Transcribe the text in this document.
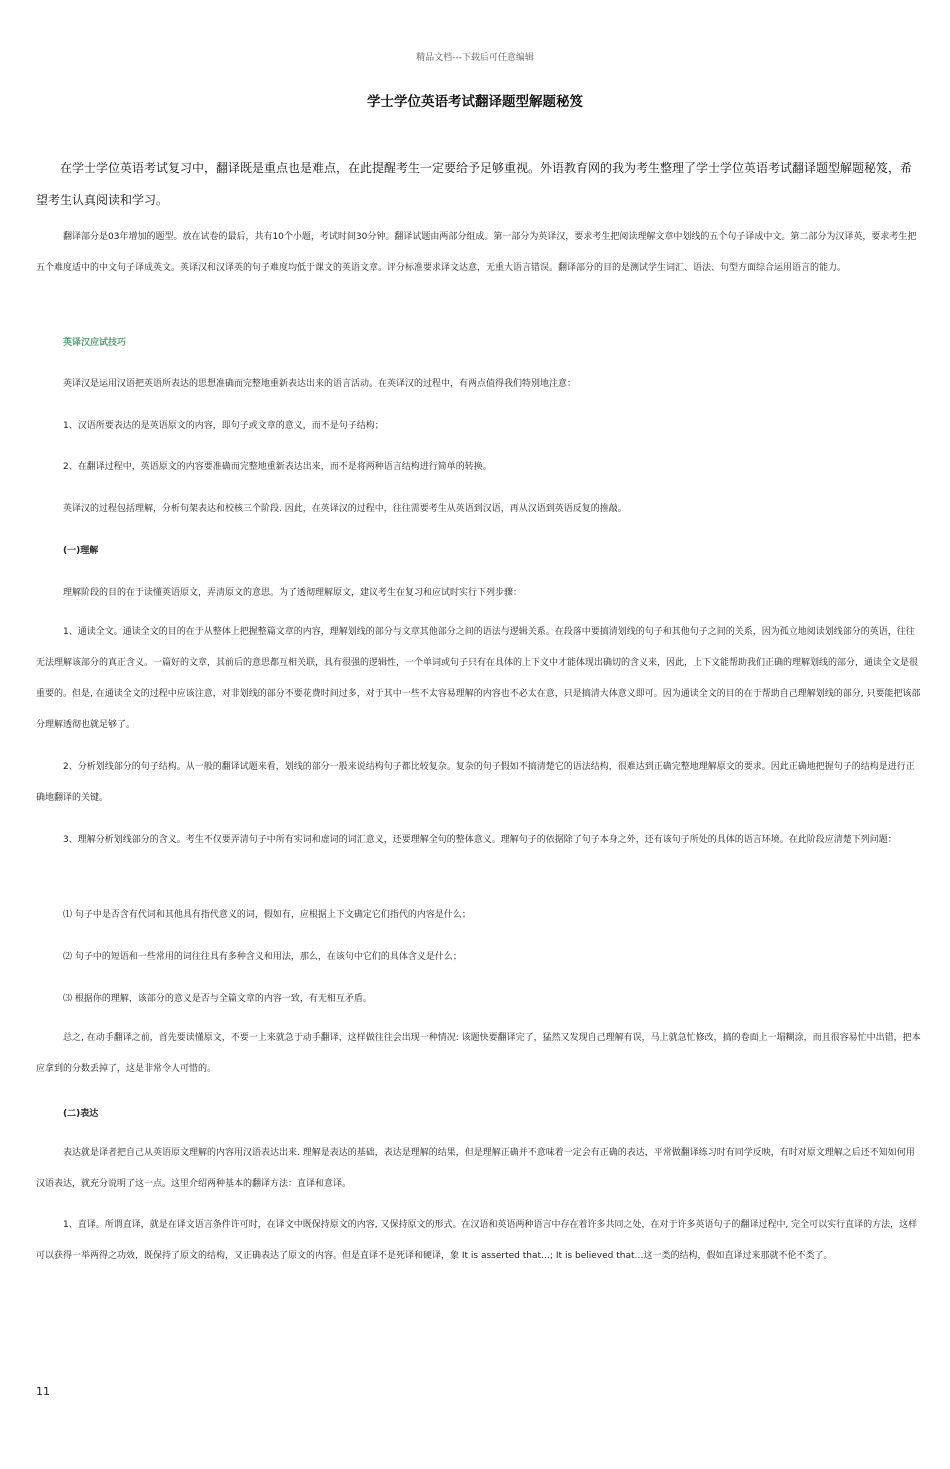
精品文档---下载后可任意编辑
学士学位英语考试翻译题型解题秘笈

在学士学位英语考试复习中，翻译既是重点也是难点，在此提醒考生一定要给予足够重视。外语教育网的我为考生整理了学士学位英语考试翻译题型解题秘笈，希望考生认真阅读和学习。

翻译部分是03年增加的题型。放在试卷的最后，共有10个小题，考试时间30分钟。翻译试题由两部分组成。第一部分为英译汉，要求考生把阅读理解文章中划线的五个句子译成中文。第二部分为汉译英，要求考生把五个难度适中的中文句子译成英文。英译汉和汉译英的句子难度均低于课文的英语文章。评分标准要求译文达意，无重大语言错误。翻译部分的目的是测试学生词汇、语法、句型方面综合运用语言的能力。

英译汉应试技巧

英译汉是运用汉语把英语所表达的思想准确而完整地重新表达出来的语言活动。在英译汉的过程中，有两点值得我们特别地注意：

1、汉语所要表达的是英语原文的内容，即句子或文章的意义，而不是句子结构；

2、在翻译过程中，英语原文的内容要准确而完整地重新表达出来，而不是将两种语言结构进行简单的转换。

英译汉的过程包括理解，分析句架表达和校核三个阶段. 因此，在英译汉的过程中，往往需要考生从英语到汉语，再从汉语到英语反复的推敲。

(一)理解

理解阶段的目的在于读懂英语原文，弄清原文的意思。为了透彻理解原文，建议考生在复习和应试时实行下列步骤：

1、通读全文。通读全文的目的在于从整体上把握整篇文章的内容，理解划线的部分与文章其他部分之间的语法与逻辑关系。在段落中要搞清划线的句子和其他句子之间的关系，因为孤立地阅读划线部分的英语，往往无法理解该部分的真正含义。一篇好的文章，其前后的意思都互相关联，具有很强的逻辑性，一个单词或句子只有在具体的上下文中才能体现出确切的含义来，因此，上下文能帮助我们正确的理解划线的部分，通读全文是很重要的。但是, 在通读全文的过程中应该注意，对非划线的部分不要花费时间过多，对于其中一些不太容易理解的内容也不必太在意，只是搞清大体意义即可。因为通读全文的目的在于帮助自己理解划线的部分, 只要能把该部分理解透彻也就足够了。

2、分析划线部分的句子结构。从一般的翻译试题来看，划线的部分一般来说结构句子都比较复杂。复杂的句子假如不搞清楚它的语法结构，很难达到正确完整地理解原文的要求。因此正确地把握句子的结构是进行正确地翻译的关键。

3、理解分析划线部分的含义。考生不仅要弄清句子中所有实词和虚词的词汇意义，还要理解全句的整体意义。理解句子的依据除了句子本身之外，还有该句子所处的具体的语言环境。在此阶段应清楚下列问题：

⑴ 句子中是否含有代词和其他具有指代意义的词，假如有，应根据上下文确定它们指代的内容是什么；

⑵ 句子中的短语和一些常用的词往往具有多种含义和用法，那么，在该句中它们的具体含义是什么；

⑶ 根据你的理解，该部分的意义是否与全篇文章的内容一致，有无相互矛盾。

总之, 在动手翻译之前，首先要读懂原文，不要一上来就急于动手翻译，这样做往往会出现一种情况: 该题快要翻译完了，猛然又发现自己理解有误，马上就急忙修改，搞的卷面上一塌糊涂，而且很容易忙中出错，把本应拿到的分数丢掉了，这是非常令人可惜的。

(二)表达

表达就是译者把自己从英语原文理解的内容用汉语表达出来. 理解是表达的基础，表达是理解的结果，但是理解正确并不意味着一定会有正确的表达，平常做翻译练习时有同学反映，有时对原文理解之后还不知如何用汉语表达，就充分说明了这一点。这里介绍两种基本的翻译方法：直译和意译。

1、直译。所谓直译，就是在译文语言条件许可时，在译文中既保持原文的内容, 又保持原文的形式。在汉语和英语两种语言中存在着许多共同之处，在对于许多英语句子的翻译过程中, 完全可以实行直译的方法，这样可以获得一举两得之功效，既保持了原文的结构，又正确表达了原文的内容。但是直译不是死译和硬译，象 It is asserted that…; It is believed that…这一类的结构，假如直译过来那就不伦不类了。

11
